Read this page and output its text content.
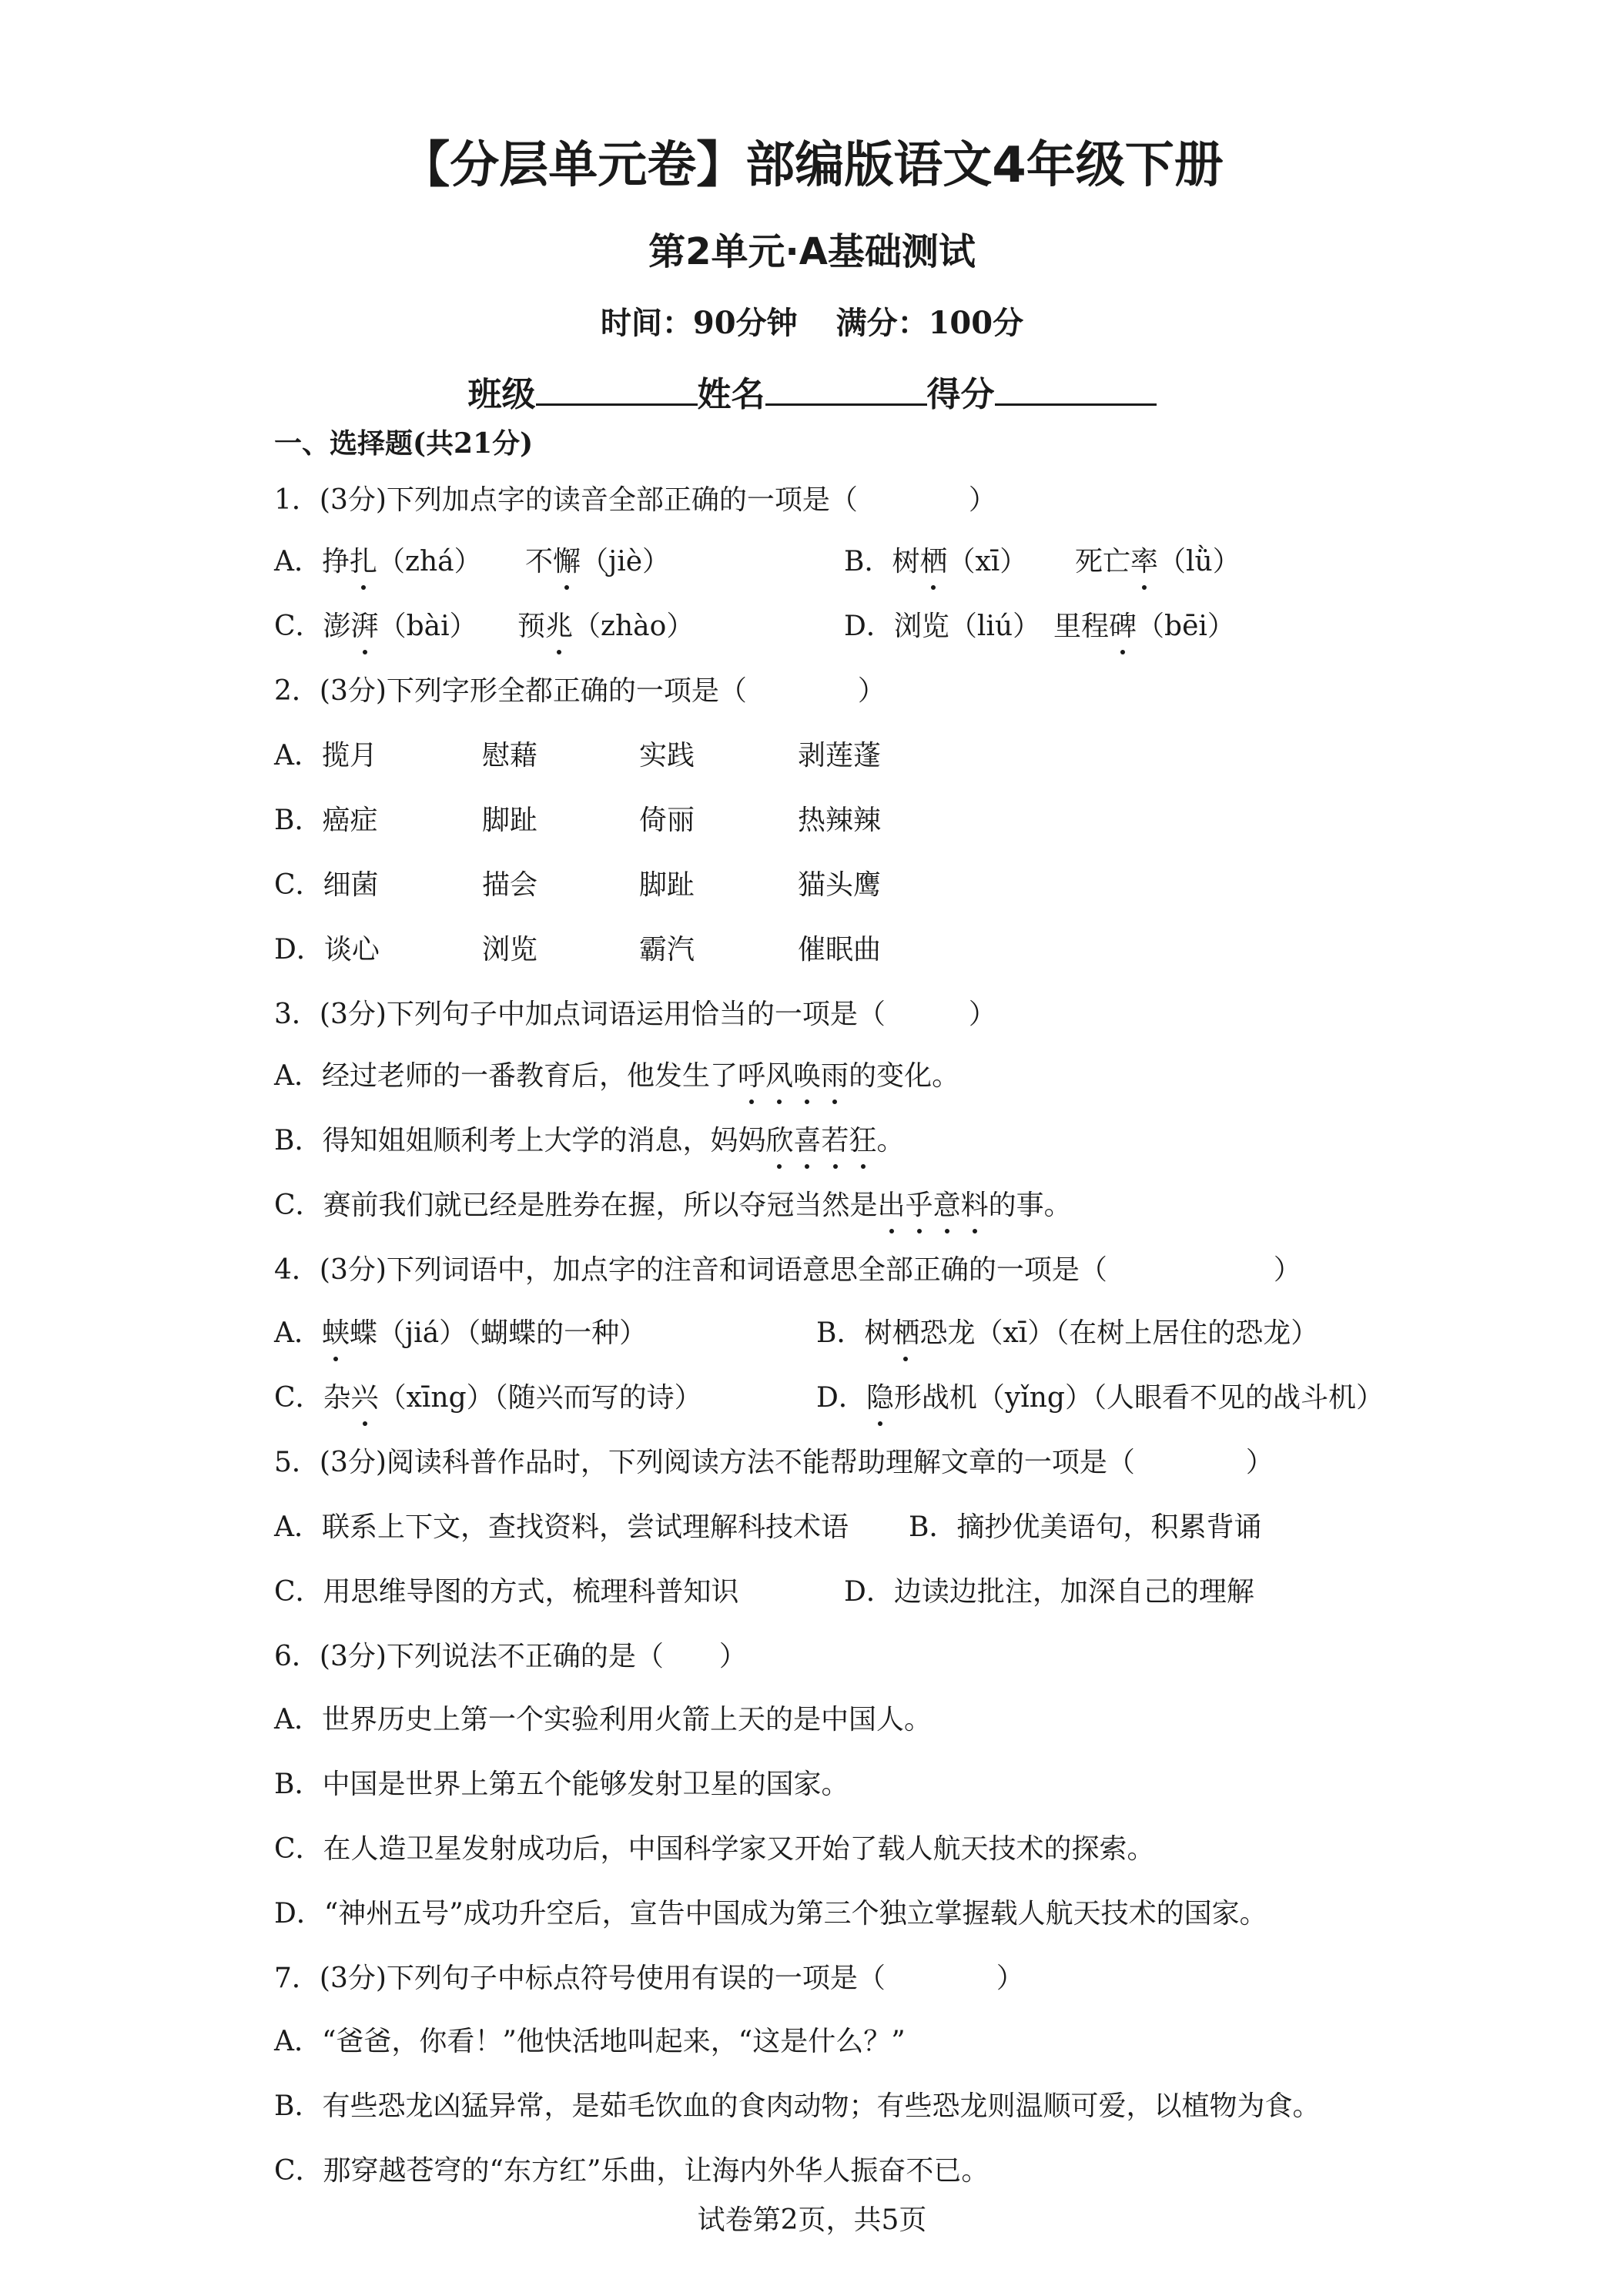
【分层单元卷】部编版语文4年级下册
第2单元·A基础测试
时间：90分钟 满分：100分
班级	姓名	得分
一、选择题(共21分)
1．(3分)下列加点字的读音全部正确的一项是（　　　　）
A．挣扎（zhá） 不懈（jiè）	B．树栖（xī） 死亡率（lǜ）
C．澎湃（bài） 预兆（zhào）	D．浏览（liú） 里程碑（bēi）
2．(3分)下列字形全都正确的一项是（　　　　）
A．揽月	慰藉	实践	剥莲蓬
B．癌症	脚趾	倚丽	热辣辣
C．细菌	描会	脚趾	猫头鹰
D．谈心	浏览	霸汽	催眠曲
3．(3分)下列句子中加点词语运用恰当的一项是（　　　）
A．经过老师的一番教育后，他发生了呼风唤雨的变化。
B．得知姐姐顺利考上大学的消息，妈妈欣喜若狂。
C．赛前我们就已经是胜券在握，所以夺冠当然是出乎意料的事。
4．(3分)下列词语中，加点字的注音和词语意思全部正确的一项是（　　　　　　）
A．蛱蝶（jiá）（蝴蝶的一种）	B．树栖恐龙（xī）（在树上居住的恐龙）
C．杂兴（xīng）（随兴而写的诗）	D．隐形战机（yǐng）（人眼看不见的战斗机）
5．(3分)阅读科普作品时，下列阅读方法不能帮助理解文章的一项是（　　　　）
A．联系上下文，查找资料，尝试理解科技术语 B．摘抄优美语句，积累背诵
C．用思维导图的方式，梳理科普知识	D．边读边批注，加深自己的理解
6．(3分)下列说法不正确的是（　　）
A．世界历史上第一个实验利用火箭上天的是中国人。
B．中国是世界上第五个能够发射卫星的国家。
C．在人造卫星发射成功后，中国科学家又开始了载人航天技术的探索。
D．“神州五号”成功升空后，宣告中国成为第三个独立掌握载人航天技术的国家。
7．(3分)下列句子中标点符号使用有误的一项是（　　　　）
A．“爸爸，你看！”他快活地叫起来，“这是什么？”
B．有些恐龙凶猛异常，是茹毛饮血的食肉动物；有些恐龙则温顺可爱，以植物为食。
C．那穿越苍穹的“东方红”乐曲，让海内外华人振奋不已。
试卷第2页，共5页
